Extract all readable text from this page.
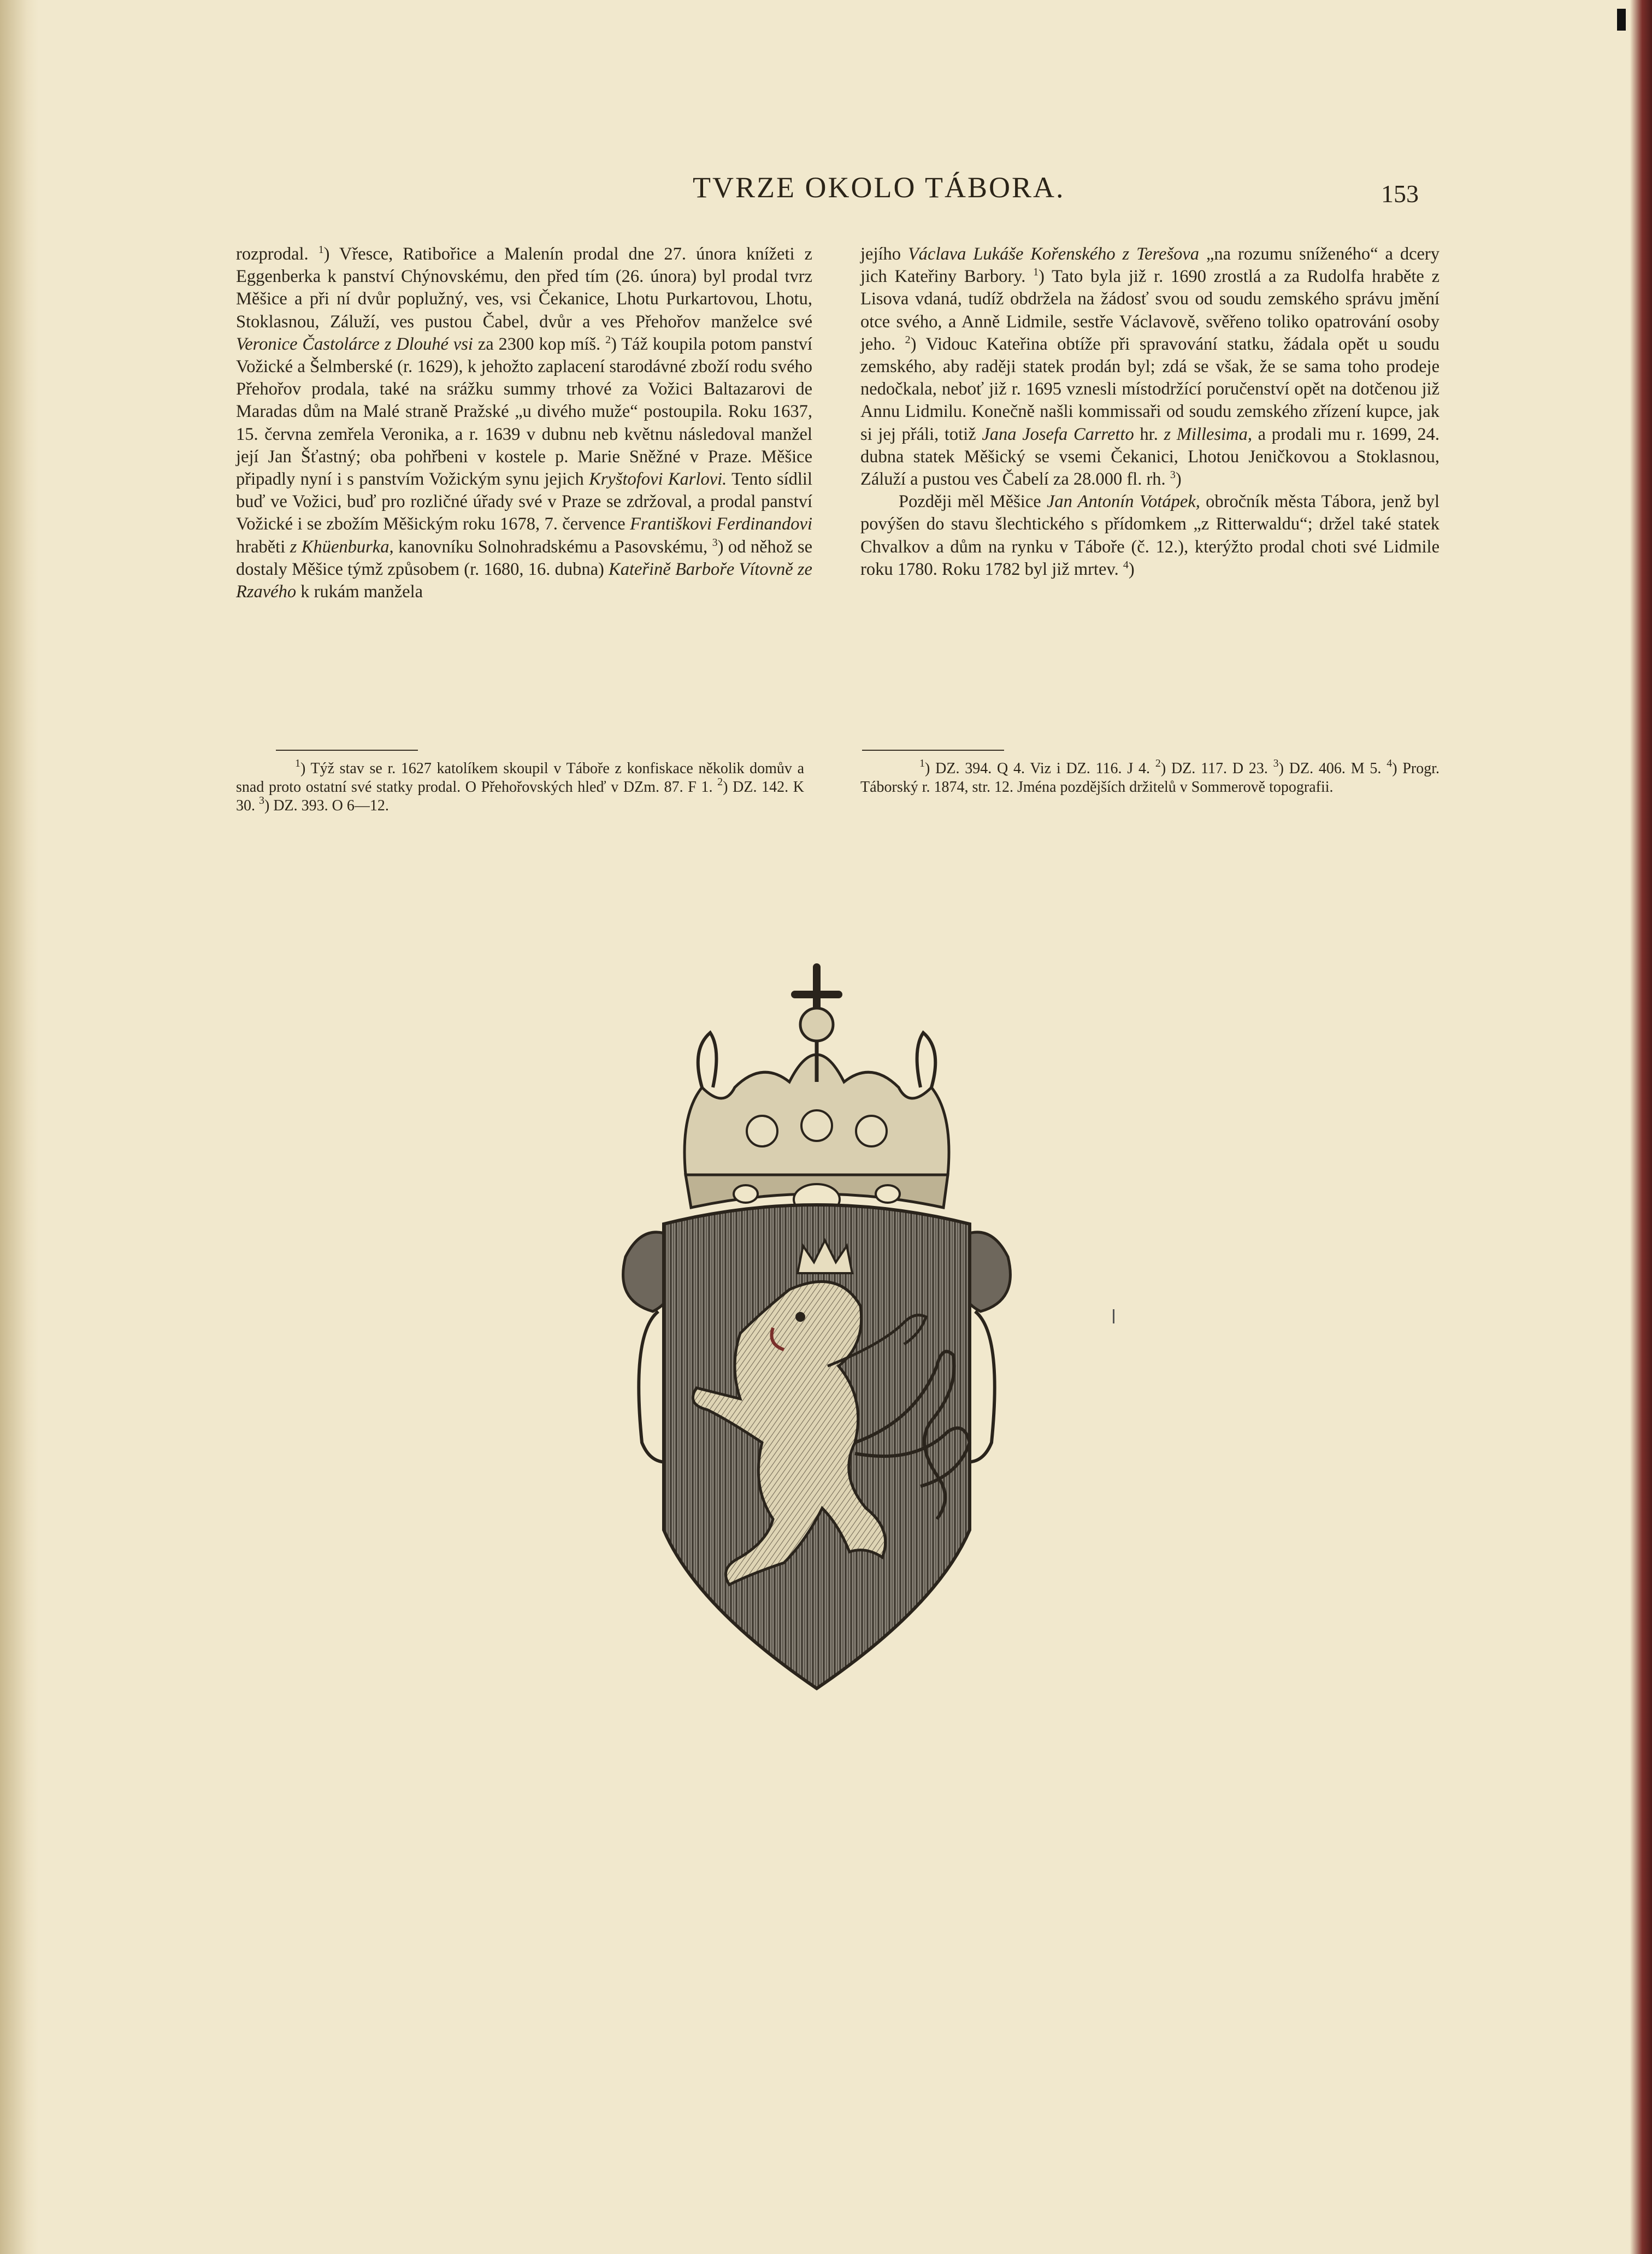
TVRZE OKOLO TÁBORA.	153

rozprodal. $^1$) Vřesce, Ratibořice a Malenín prodal dne 27. února knížeti z Eggenberka k panství Chýnovskému, den před tím (26. února) byl prodal tvrz Měšice a při ní dvůr poplužný, ves, vsi Čekanice, Lhotu Purkartovou, Lhotu, Stoklasnou, Záluží, ves pustou Čabel, dvůr a ves Přehořov manželce své Veronice Častolárce z Dlouhé vsi za 2300 kop míš. $^2$) Táž koupila potom panství Vožické a Šelmberské (r. 1629), k jehožto zaplacení starodávné zboží rodu svého Přehořov prodala, také na srážku summy trhové za Vožici Baltazarovi de Maradas dům na Malé straně Pražské „u divého muže“ postoupila. Roku 1637, 15. června zemřela Veronika, a r. 1639 v dubnu neb květnu následoval manžel její Jan Šťastný; oba pohřbeni v kostele p. Marie Sněžné v Praze. Měšice připadly nyní i s panstvím Vožickým synu jejich Kryštofovi Karlovi. Tento sídlil buď ve Vožici, buď pro rozličné úřady své v Praze se zdržoval, a prodal panství Vožické i se zbožím Měšickým roku 1678, 7. července Františkovi Ferdinandovi hraběti z Khüenburka, kanovníku Solnohradskému a Pasovskému, $^3$) od něhož se dostaly Měšice týmž způsobem (r. 1680, 16. dubna) Kateřině Barboře Vítovně ze Rzavého k rukám manžela

jejího Václava Lukáše Kořenského z Terešova „na rozumu sníženého“ a dcery jich Kateřiny Barbory. $^1$) Tato byla již r. 1690 zrostlá a za Rudolfa hraběte z Lisova vdaná, tudíž obdržela na žádosť svou od soudu zemského správu jmění otce svého, a Anně Lidmile, sestře Václavově, svěřeno toliko opatrování osoby jeho. $^2$) Vidouc Kateřina obtíže při spravování statku, žádala opět u soudu zemského, aby raději statek prodán byl; zdá se však, že se sama toho prodeje nedočkala, neboť již r. 1695 vznesli místodržící poručenství opět na dotčenou již Annu Lidmilu. Konečně našli kommissaři od soudu zemského zřízení kupce, jak si jej přáli, totiž Jana Josefa Carretto hr. z Millesima, a prodali mu r. 1699, 24. dubna statek Měšický se vsemi Čekanici, Lhotou Jeničkovou a Stoklasnou, Záluží a pustou ves Čabelí za 28.000 fl. rh. $^3$)

Později měl Měšice Jan Antonín Votápek, obročník města Tábora, jenž byl povýšen do stavu šlechtického s přídomkem „z Ritterwaldu“; držel také statek Chvalkov a dům na rynku v Táboře (č. 12.), kterýžto prodal choti své Lidmile roku 1780. Roku 1782 byl již mrtev. $^4$)

$^1$) Týž stav se r. 1627 katolíkem skoupil v Táboře z konfiskace několik domův a snad proto ostatní své statky prodal. O Přehořovských hleď v DZm. 87. F 1. $^2$) DZ. 142. K 30. $^3$) DZ. 393. O 6—12.

$^1$) DZ. 394. Q 4. Viz i DZ. 116. J 4. $^2$) DZ. 117. D 23. $^3$) DZ. 406. M 5. $^4$) Progr. Táborský r. 1874, str. 12. Jména pozdějších držitelů v Sommerově topografii.
